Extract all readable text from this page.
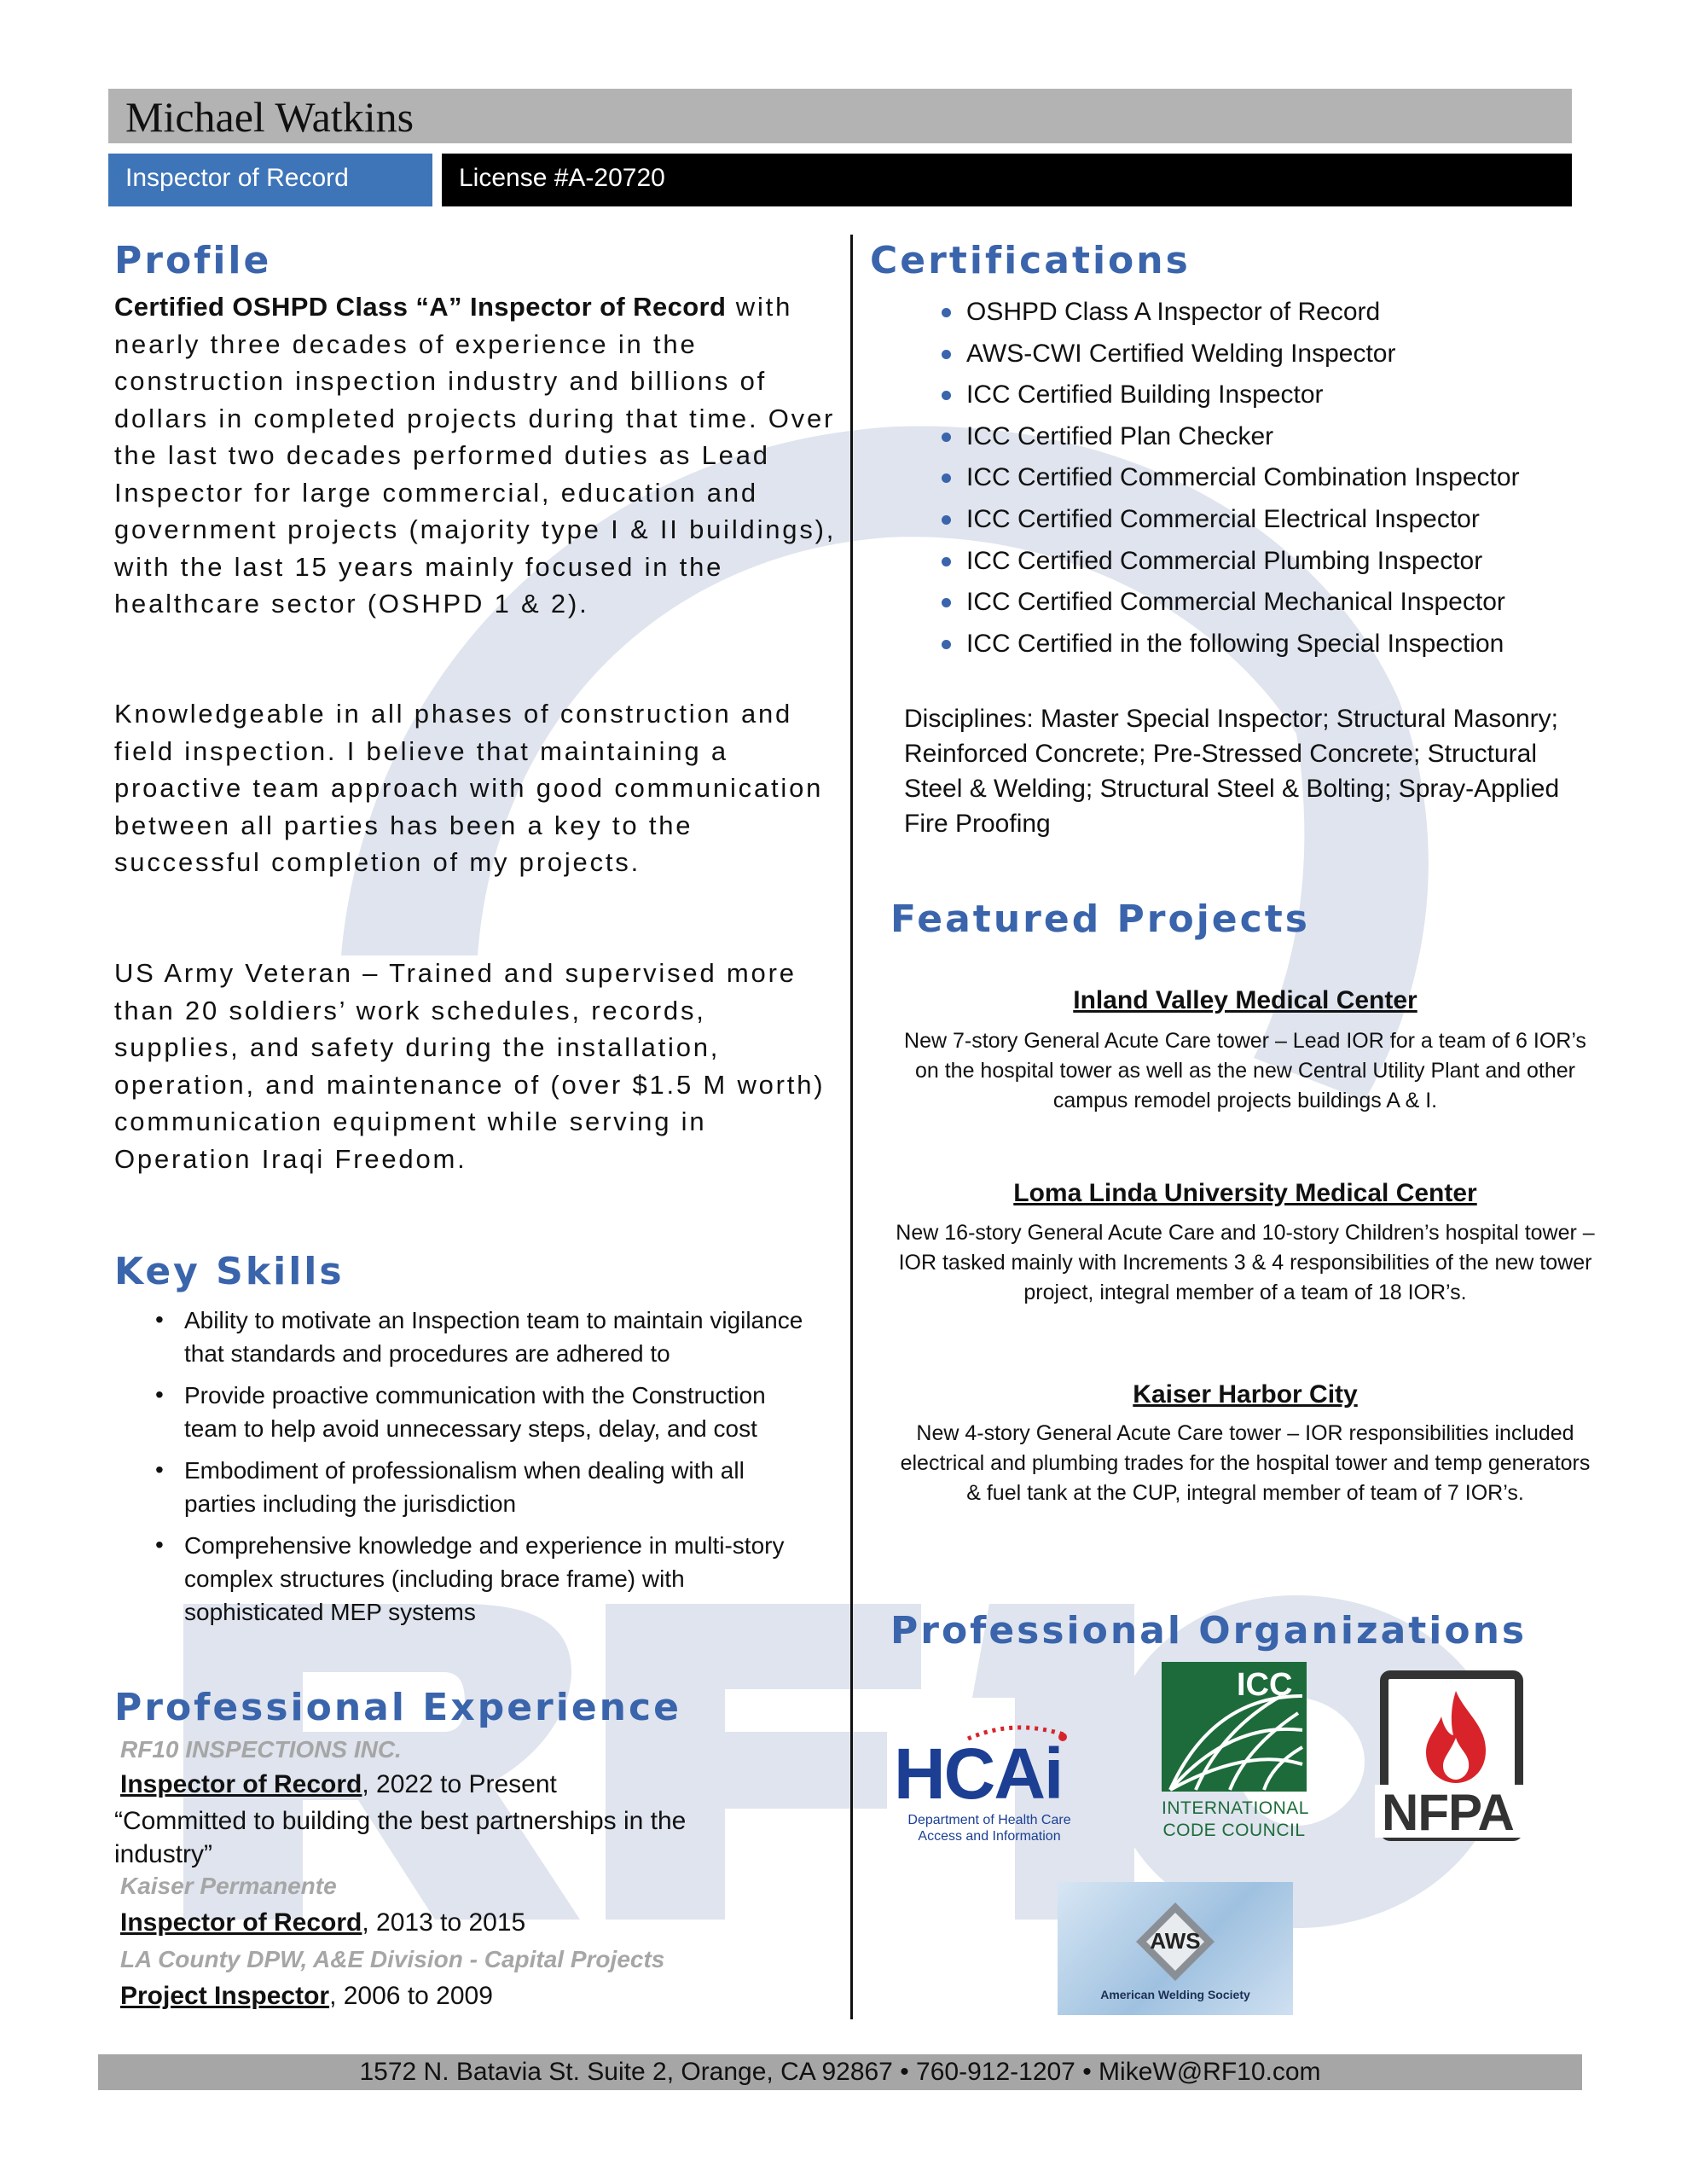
Michael Watkins
Inspector of Record	License #A-20720
Profile
Certified OSHPD Class “A” Inspector of Record with nearly three decades of experience in the construction inspection industry and billions of dollars in completed projects during that time. Over the last two decades performed duties as Lead Inspector for large commercial, education and government projects (majority type I & II buildings), with the last 15 years mainly focused in the healthcare sector (OSHPD 1 & 2).
Knowledgeable in all phases of construction and field inspection. I believe that maintaining a proactive team approach with good communication between all parties has been a key to the successful completion of my projects.
US Army Veteran – Trained and supervised more than 20 soldiers’ work schedules, records, supplies, and safety during the installation, operation, and maintenance of (over $1.5 M worth) communication equipment while serving in Operation Iraqi Freedom.
Key Skills
• Ability to motivate an Inspection team to maintain vigilance that standards and procedures are adhered to
• Provide proactive communication with the Construction team to help avoid unnecessary steps, delay, and cost
• Embodiment of professionalism when dealing with all parties including the jurisdiction
• Comprehensive knowledge and experience in multi-story complex structures (including brace frame) with sophisticated MEP systems
Professional Experience
RF10 INSPECTIONS INC.
Inspector of Record, 2022 to Present
“Committed to building the best partnerships in the industry”
Kaiser Permanente
Inspector of Record, 2013 to 2015
LA County DPW, A&E Division - Capital Projects
Project Inspector, 2006 to 2009
Certifications
OSHPD Class A Inspector of Record
AWS-CWI Certified Welding Inspector
ICC Certified Building Inspector
ICC Certified Plan Checker
ICC Certified Commercial Combination Inspector
ICC Certified Commercial Electrical Inspector
ICC Certified Commercial Plumbing Inspector
ICC Certified Commercial Mechanical Inspector
ICC Certified in the following Special Inspection
Disciplines: Master Special Inspector; Structural Masonry; Reinforced Concrete; Pre-Stressed Concrete; Structural Steel & Welding; Structural Steel & Bolting; Spray-Applied Fire Proofing
Featured Projects
Inland Valley Medical Center
New 7-story General Acute Care tower – Lead IOR for a team of 6 IOR’s on the hospital tower as well as the new Central Utility Plant and other campus remodel projects buildings A & I.
Loma Linda University Medical Center
New 16-story General Acute Care and 10-story Children’s hospital tower – IOR tasked mainly with Increments 3 & 4 responsibilities of the new tower project, integral member of a team of 18 IOR’s.
Kaiser Harbor City
New 4-story General Acute Care tower – IOR responsibilities included electrical and plumbing trades for the hospital tower and temp generators & fuel tank at the CUP, integral member of team of 7 IOR’s.
Professional Organizations
HCAi
Department of Health Care
Access and Information
ICC
INTERNATIONAL
CODE COUNCIL NFPA
AWS
American Welding Society
1572 N. Batavia St. Suite 2, Orange, CA 92867 • 760-912-1207 • MikeW@RF10.com
